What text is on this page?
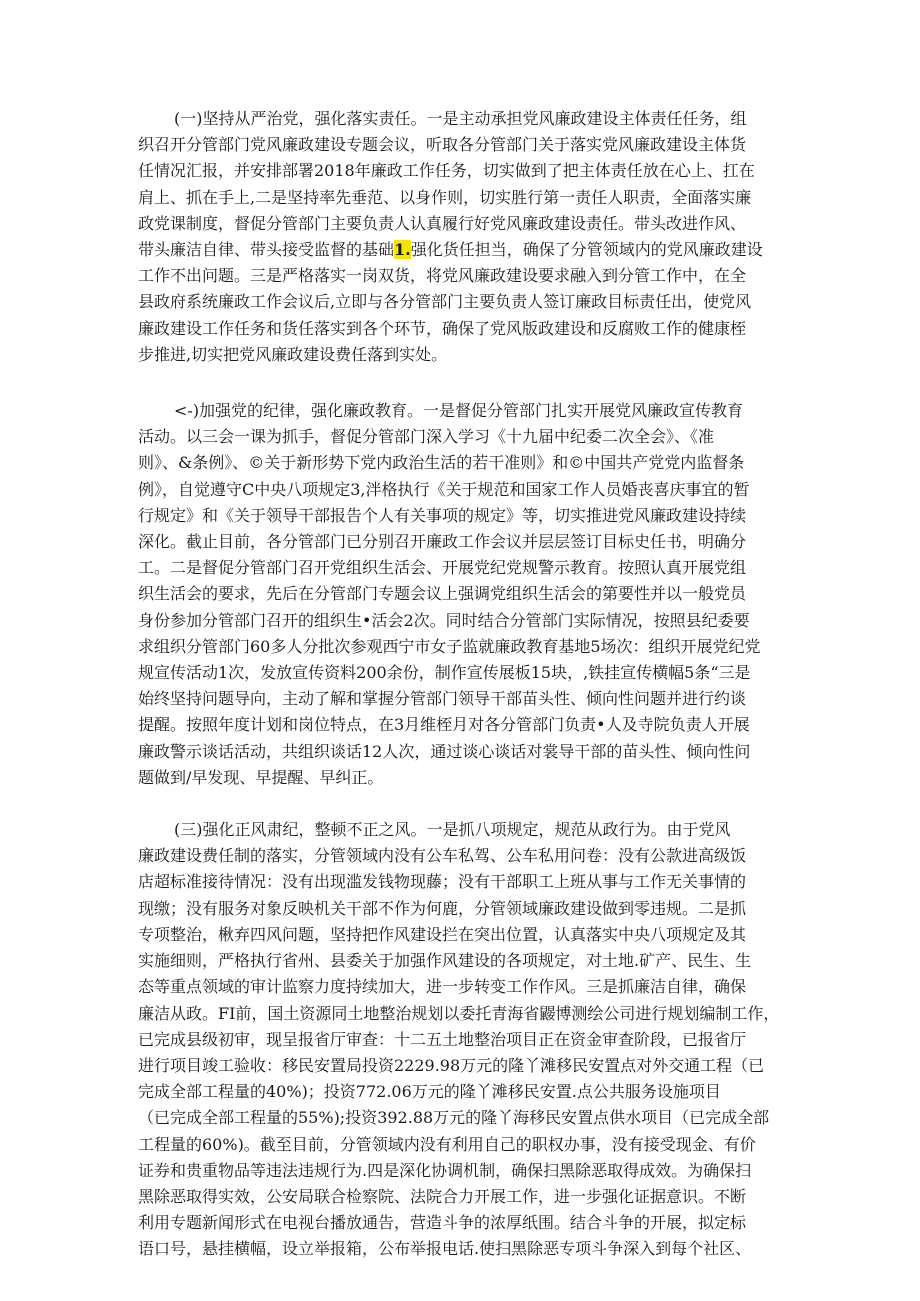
(一)坚持从严治党，强化落实责任。一是主动承担党风廉政建设主体责任任务，组
织召开分管部门党风廉政建设专题会议，听取各分管部门关于落实党风廉政建设主体货
任情况汇报，并安排部署2018年廉政工作任务，切实做到了把主体责任放在心上、扛在
肩上、抓在手上,二是坚持率先垂范、以身作则，切实胜行第一责任人职责，全面落实廉
政党课制度，督促分管部门主要负责人认真履行好党风廉政建设责任。带头改进作风、
带头廉洁自律、带头接受监督的基础1.强化货任担当，确保了分管领域内的党风廉政建设
工作不出问题。三是严格落实一岗双货，将党风廉政建设要求融入到分管工作中，在全
县政府系统廉政工作会议后,立即与各分管部门主要负责人签订廉政目标责任出，使党风
廉政建设工作任务和货任落实到各个环节，确保了党风版政建设和反腐败工作的健康桎
步推进,切实把党风廉政建设费任落到实处。
<-)加强党的纪律，强化廉政教育。一是督促分管部门扎实开展党风廉政宣传教育
活动。以三会一课为抓手，督促分管部门深入学习《十九届中纪委二次全会》、《准
则》、&条例》、©关于新形势下党内政治生活的若干准则》和©中国共产党党内监督条
例》，自觉遵守C中央八项规定3,泮格执行《关于规范和国家工作人员婚丧喜庆事宜的暂
行规定》和《关于领导干部报告个人有关事项的规定》等，切实推进党风廉政建设持续
深化。截止目前，各分管部门已分别召开廉政工作会议并层层签订目标史任书，明确分
工。二是督促分管部门召开党组织生活会、开展党纪党规警示教育。按照认真开展党组
织生活会的要求，先后在分管部门专题会议上强调党组织生活会的第要性并以一般党员
身份参加分管部门召开的组织生•活会2次。同时结合分管部门实际情况，按照县纪委要
求组织分管部门60多人分批次参观西宁市女子监就廉政教育基地5场次：组织开展党纪党
规宣传活动1次，发放宣传资料200余份，制作宣传展板15块，,铁挂宣传横幅5条“三是
始终坚持问题导向，主动了解和掌握分管部门领导干部苗头性、倾向性问题并进行约谈
提醒。按照年度计划和岗位特点，在3月维桎月对各分管部门负责•人及寺院负责人开展
廉政警示谈话活动，共组织谈话12人次，通过谈心谈话对裳导干部的苗头性、倾向性问
题做到/早发现、早提醒、早纠正。
(三)强化正风肃纪，整顿不正之风。一是抓八项规定，规范从政行为。由于党风
廉政建设费任制的落实，分管领域内没有公车私驾、公车私用问卷：没有公款进高级饭
店超标准接待情况：没有出现滥发钱物现藤；没有干部职工上班从事与工作无关事情的
现缴；没有服务对象反映机关干部不作为何鹿，分管领域廉政建设做到零违规。二是抓
专项整治，楸弃四风问题，坚持把作风建设拦在突出位置，认真落实中央八项规定及其
实施细则，严格执行省州、县委关于加强作风建设的各项规定，对土地.矿产、民生、生
态等重点领域的审计监察力度持续加大，进一步转变工作作风。三是抓廉洁自律，确保
廉洁从政。FI前，国土资源同土地整治规划以委托青海省鼹博测绘公司进行规划编制工作，
已完成县级初审，现呈报省厅审查：十二五土地整治项目正在资金审查阶段，已报省厅
进行项目竣工验收：移民安置局投资2229.98万元的隆丫滩移民安置点对外交通工程（已
完成全部工程量的40%)；投资772.06万元的隆丫滩移民安置.点公共服务设施项目
（已完成全部工程量的55%);投资392.88万元的隆丫海移民安置点供水项目（已完成全部
工程量的60%)。截至目前，分管领域内没有利用自己的职权办事，没有接受现金、有价
证券和贵重物品等违法违规行为.四是深化协调机制，确保扫黑除恶取得成效。为确保扫
黑除恶取得实效，公安局联合检察院、法院合力开展工作，进一步强化证据意识。不断
利用专题新闻形式在电视台播放通告，营造斗争的浓厚纸围。结合斗争的开展，拟定标
语口号，悬挂横幅，设立举报箱，公布举报电话.使扫黑除恶专项斗争深入到每个社区、
